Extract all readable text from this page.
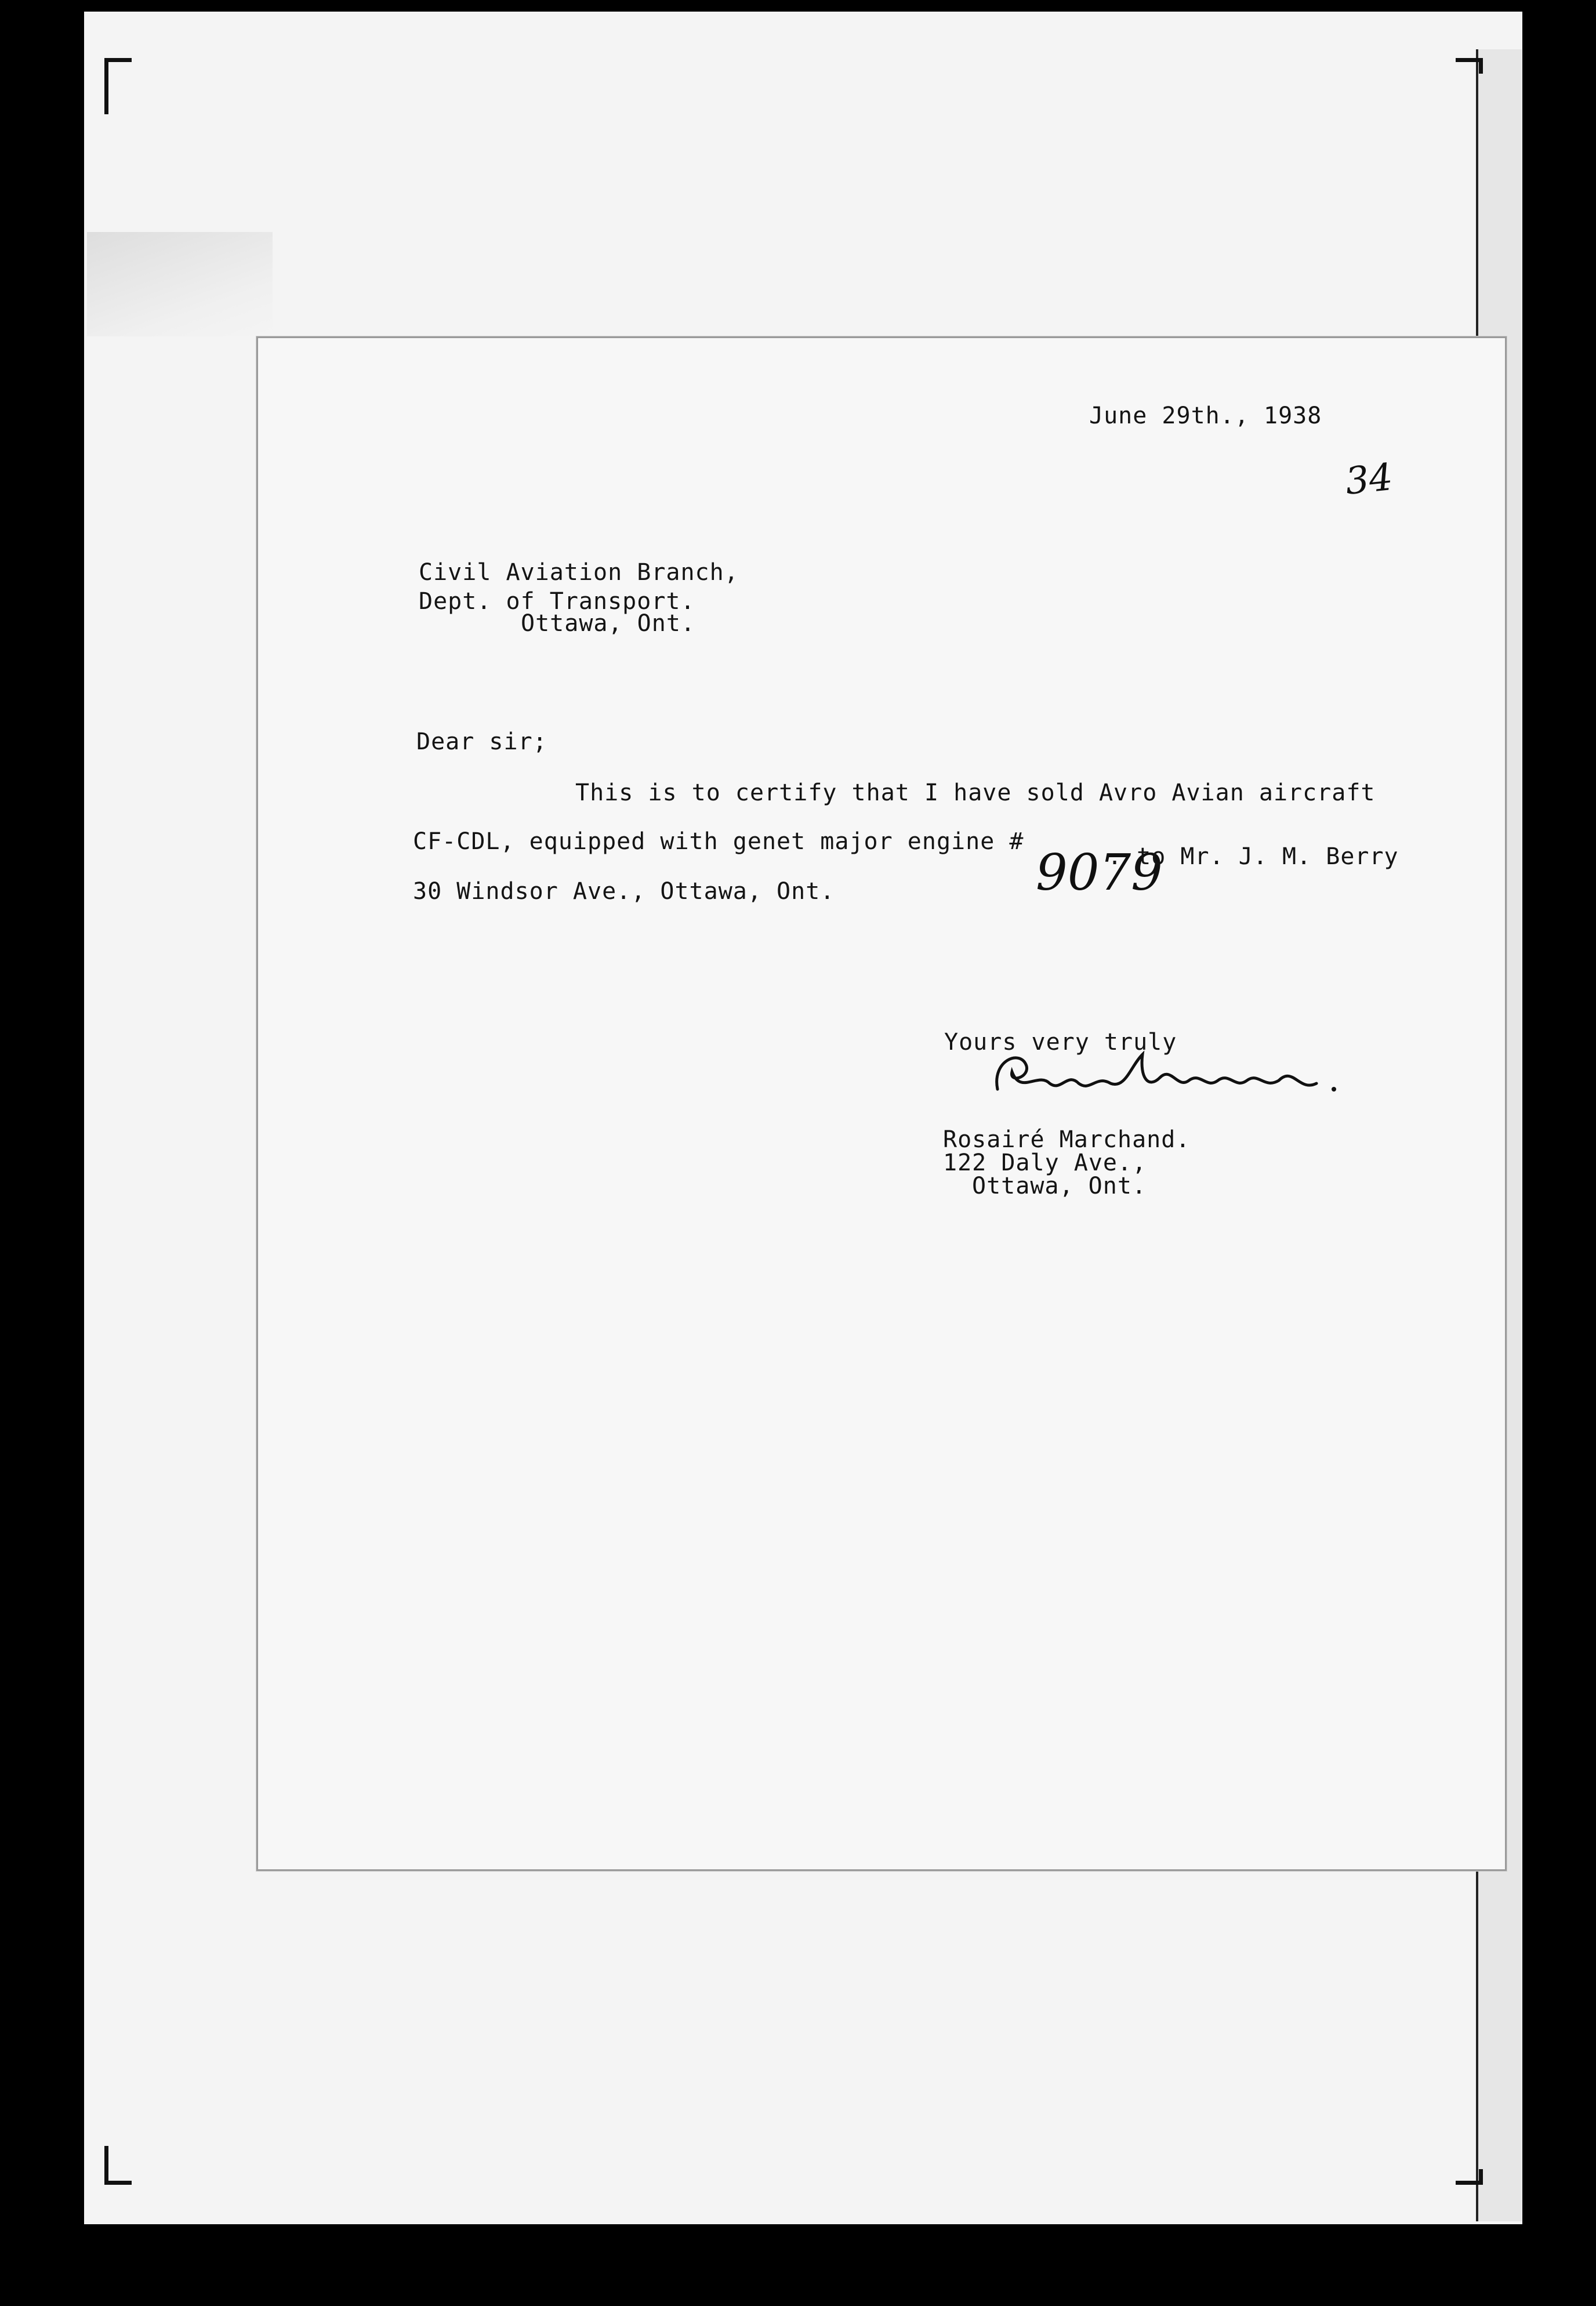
June 29th., 1938
34
Civil Aviation Branch,
Dept. of Transport.
Ottawa, Ont.
Dear sir;
This is to certify that I have sold Avro Avian aircraft
CF-CDL, equipped with genet major engine #
9079
. to Mr. J. M. Berry
30 Windsor Ave., Ottawa, Ont.
Yours very truly
Rosairé Marchand.
122 Daly Ave.,
Ottawa, Ont.
